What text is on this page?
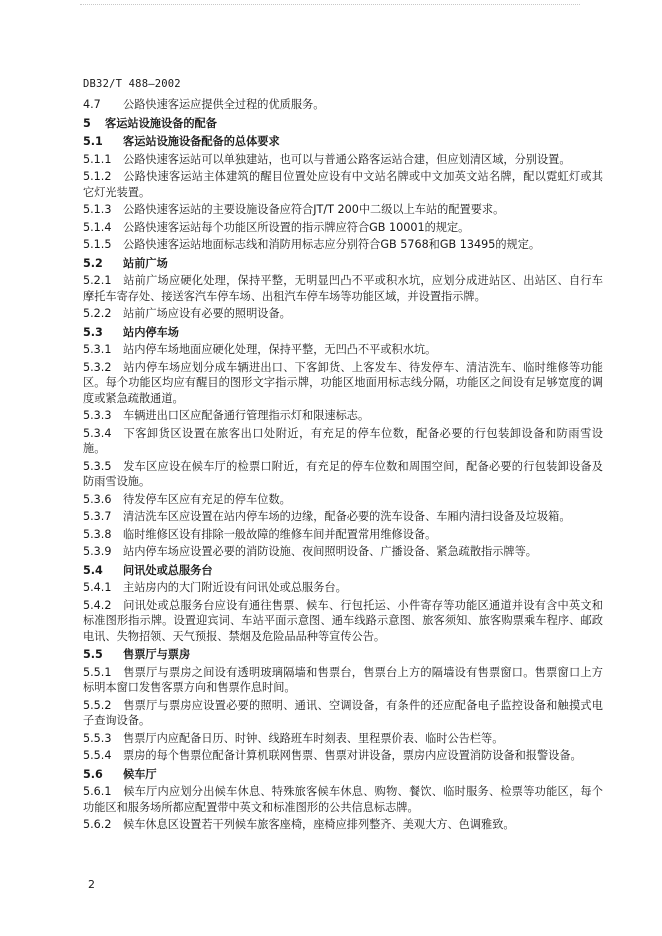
DB32/T 488—2002
4.7 公路快速客运应提供全过程的优质服务。
5 客运站设施设备的配备
5.1 客运站设施设备配备的总体要求
5.1.1 公路快速客运站可以单独建站，也可以与普通公路客运站合建，但应划清区域，分别设置。
5.1.2 公路快速客运站主体建筑的醒目位置处应设有中文站名牌或中文加英文站名牌，配以霓虹灯或其它灯光装置。
5.1.3 公路快速客运站的主要设施设备应符合JT/T 200中二级以上车站的配置要求。
5.1.4 公路快速客运站每个功能区所设置的指示牌应符合GB 10001的规定。
5.1.5 公路快速客运站地面标志线和消防用标志应分别符合GB 5768和GB 13495的规定。
5.2 站前广场
5.2.1 站前广场应硬化处理，保持平整，无明显凹凸不平或积水坑，应划分成进站区、出站区、自行车摩托车寄存处、接送客汽车停车场、出租汽车停车场等功能区域，并设置指示牌。
5.2.2 站前广场应设有必要的照明设备。
5.3 站内停车场
5.3.1 站内停车场地面应硬化处理，保持平整，无凹凸不平或积水坑。
5.3.2 站内停车场应划分成车辆进出口、下客卸货、上客发车、待发停车、清洁洗车、临时维修等功能区。每个功能区均应有醒目的图形文字指示牌，功能区地面用标志线分隔，功能区之间设有足够宽度的调度或紧急疏散通道。
5.3.3 车辆进出口区应配备通行管理指示灯和限速标志。
5.3.4 下客卸货区设置在旅客出口处附近，有充足的停车位数，配备必要的行包装卸设备和防雨雪设施。
5.3.5 发车区应设在候车厅的检票口附近，有充足的停车位数和周围空间，配备必要的行包装卸设备及防雨雪设施。
5.3.6 待发停车区应有充足的停车位数。
5.3.7 清洁洗车区应设置在站内停车场的边缘，配备必要的洗车设备、车厢内清扫设备及垃圾箱。
5.3.8 临时维修区设有排除一般故障的维修车间并配置常用维修设备。
5.3.9 站内停车场应设置必要的消防设施、夜间照明设备、广播设备、紧急疏散指示牌等。
5.4 问讯处或总服务台
5.4.1 主站房内的大门附近设有问讯处或总服务台。
5.4.2 问讯处或总服务台应设有通往售票、候车、行包托运、小件寄存等功能区通道并设有含中英文和标准图形指示牌。设置迎宾词、车站平面示意图、通车线路示意图、旅客须知、旅客购票乘车程序、邮政电讯、失物招领、天气预报、禁烟及危险品品种等宣传公告。
5.5 售票厅与票房
5.5.1 售票厅与票房之间设有透明玻璃隔墙和售票台，售票台上方的隔墙设有售票窗口。售票窗口上方标明本窗口发售客票方向和售票作息时间。
5.5.2 售票厅与票房应设置必要的照明、通讯、空调设备，有条件的还应配备电子监控设备和触摸式电 子查询设备。
5.5.3 售票厅内应配备日历、时钟、线路班车时刻表、里程票价表、临时公告栏等。
5.5.4 票房的每个售票位配备计算机联网售票、售票对讲设备，票房内应设置消防设备和报警设备。
5.6 候车厅
5.6.1 候车厅内应划分出候车休息、特殊旅客候车休息、购物、餐饮、临时服务、检票等功能区，每个功能区和服务场所都应配置带中英文和标准图形的公共信息标志牌。
5.6.2 候车休息区设置若干列候车旅客座椅，座椅应排列整齐、美观大方、色调雅致。
2
